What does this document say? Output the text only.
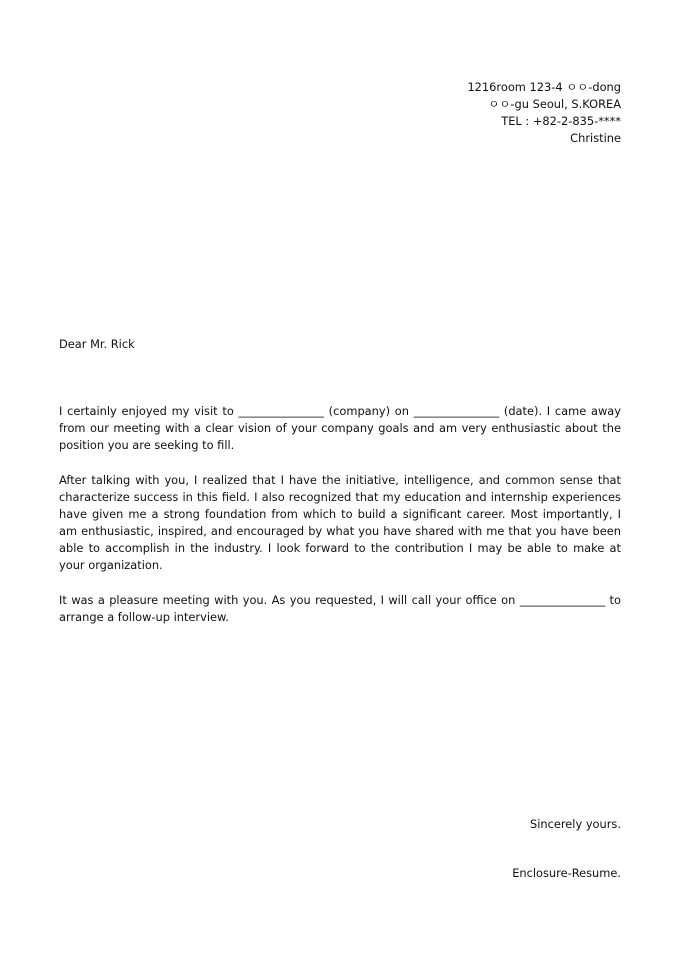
1216room 123-4 ㅇㅇ-dong
ㅇㅇ-gu Seoul, S.KOREA
TEL : +82-2-835-****
Christine
Dear Mr. Rick
I certainly enjoyed my visit to _______________ (company) on _______________ (date). I came away from our meeting with a clear vision of your company goals and am very enthusiastic about the position you are seeking to fill.
After talking with you, I realized that I have the initiative, intelligence, and common sense that characterize success in this field. I also recognized that my education and internship experiences have given me a strong foundation from which to build a significant career. Most importantly, I am enthusiastic, inspired, and encouraged by what you have shared with me that you have been able to accomplish in the industry. I look forward to the contribution I may be able to make at your organization.
It was a pleasure meeting with you. As you requested, I will call your office on _______________ to arrange a follow-up interview.
Sincerely yours.
Enclosure-Resume.
